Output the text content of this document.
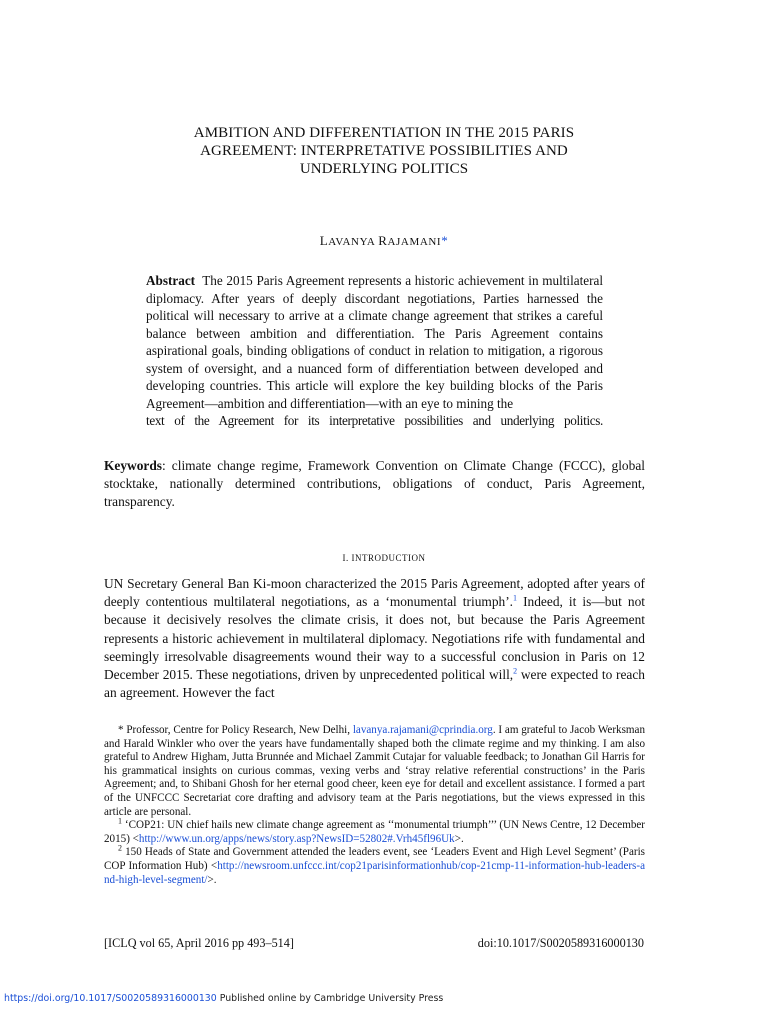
AMBITION AND DIFFERENTIATION IN THE 2015 PARIS
AGREEMENT: INTERPRETATIVE POSSIBILITIES AND
UNDERLYING POLITICS
LAVANYA RAJAMANI*
Abstract The 2015 Paris Agreement represents a historic achievement in multilateral diplomacy. After years of deeply discordant negotiations, Parties harnessed the political will necessary to arrive at a climate change agreement that strikes a careful balance between ambition and differentiation. The Paris Agreement contains aspirational goals, binding obligations of conduct in relation to mitigation, a rigorous system of oversight, and a nuanced form of differentiation between developed and developing countries. This article will explore the key building blocks of the Paris Agreement—ambition and differentiation—with an eye to mining the
text of the Agreement for its interpretative possibilities and underlying politics.
Keywords: climate change regime, Framework Convention on Climate Change (FCCC), global stocktake, nationally determined contributions, obligations of conduct, Paris Agreement, transparency.
I. INTRODUCTION
UN Secretary General Ban Ki-moon characterized the 2015 Paris Agreement, adopted after years of deeply contentious multilateral negotiations, as a ‘monumental triumph’.$^1$ Indeed, it is—but not because it decisively resolves the climate crisis, it does not, but because the Paris Agreement represents a historic achievement in multilateral diplomacy. Negotiations rife with fundamental and seemingly irresolvable disagreements wound their way to a successful conclusion in Paris on 12 December 2015. These negotiations, driven by unprecedented political will,$^2$ were expected to reach an agreement. However the fact

* Professor, Centre for Policy Research, New Delhi, lavanya.rajamani@cprindia.org. I am grateful to Jacob Werksman and Harald Winkler who over the years have fundamentally shaped both the climate regime and my thinking. I am also grateful to Andrew Higham, Jutta Brunnée and Michael Zammit Cutajar for valuable feedback; to Jonathan Gil Harris for his grammatical insights on curious commas, vexing verbs and ‘stray relative referential constructions’ in the Paris Agreement; and, to Shibani Ghosh for her eternal good cheer, keen eye for detail and excellent assistance. I formed a part of the UNFCCC Secretariat core drafting and advisory team at the Paris negotiations, but the views expressed in this article are personal.

$^1$ ‘COP21: UN chief hails new climate change agreement as ‘‘monumental triumph’’’ (UN News Centre, 12 December 2015) <http://www.un.org/apps/news/story.asp?NewsID=52802#.Vrh45fl96Uk>.

$^2$ 150 Heads of State and Government attended the leaders event, see ‘Leaders Event and High Level Segment’ (Paris COP Information Hub) <http://newsroom.unfccc.int/cop21parisinformationhub/cop-21cmp-11-information-hub-leaders-and-high-level-segment/>.

[ICLQ vol 65, April 2016 pp 493–514]	doi:10.1017/S0020589316000130
https://doi.org/10.1017/S0020589316000130 Published online by Cambridge University Press
